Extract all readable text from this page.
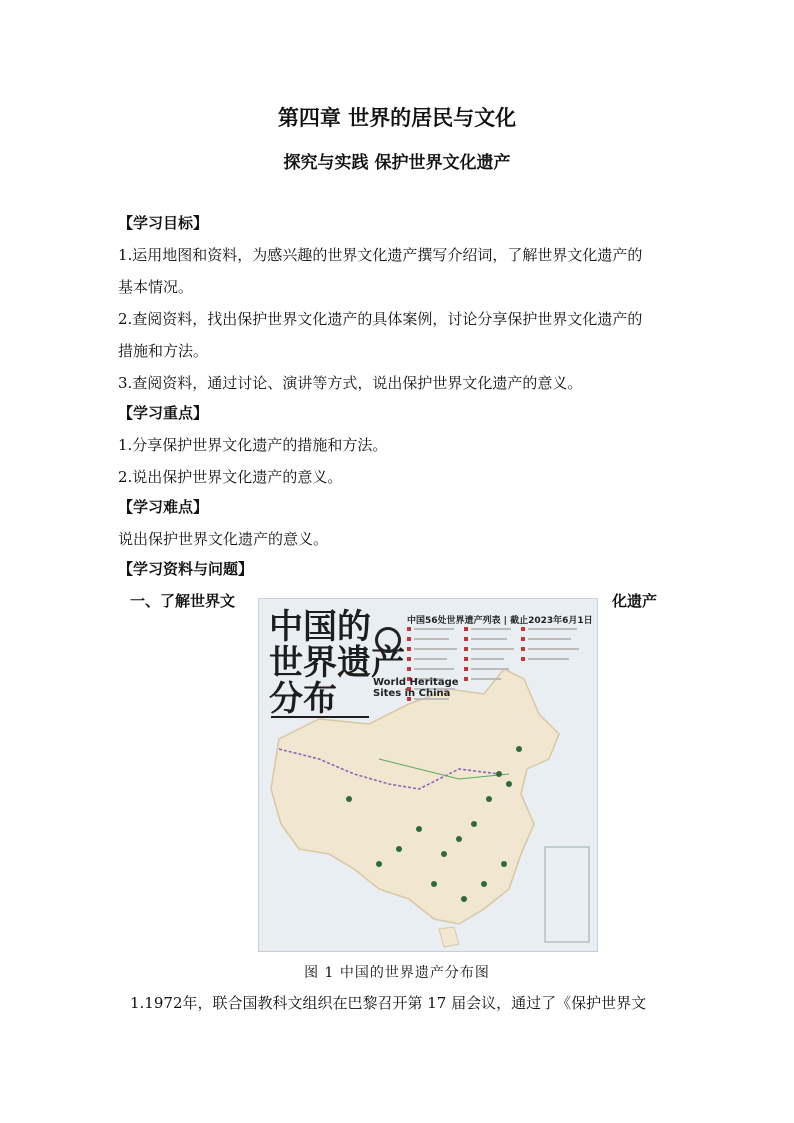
第四章 世界的居民与文化
探究与实践 保护世界文化遗产
【学习目标】
1.运用地图和资料，为感兴趣的世界文化遗产撰写介绍词，了解世界文化遗产的
基本情况。
2.查阅资料，找出保护世界文化遗产的具体案例，讨论分享保护世界文化遗产的
措施和方法。
3.查阅资料，通过讨论、演讲等方式，说出保护世界文化遗产的意义。
【学习重点】
1.分享保护世界文化遗产的措施和方法。
2.说出保护世界文化遗产的意义。
【学习难点】
说出保护世界文化遗产的意义。
【学习资料与问题】
一、了解世界文	化遗产
中国的
世界遗产
分布	World Heritage
Sites in China
中国56处世界遗产列表 | 截止2023年6月1日
图 1 中国的世界遗产分布图
1.1972年，联合国教科文组织在巴黎召开第 17 届会议，通过了《保护世界文
